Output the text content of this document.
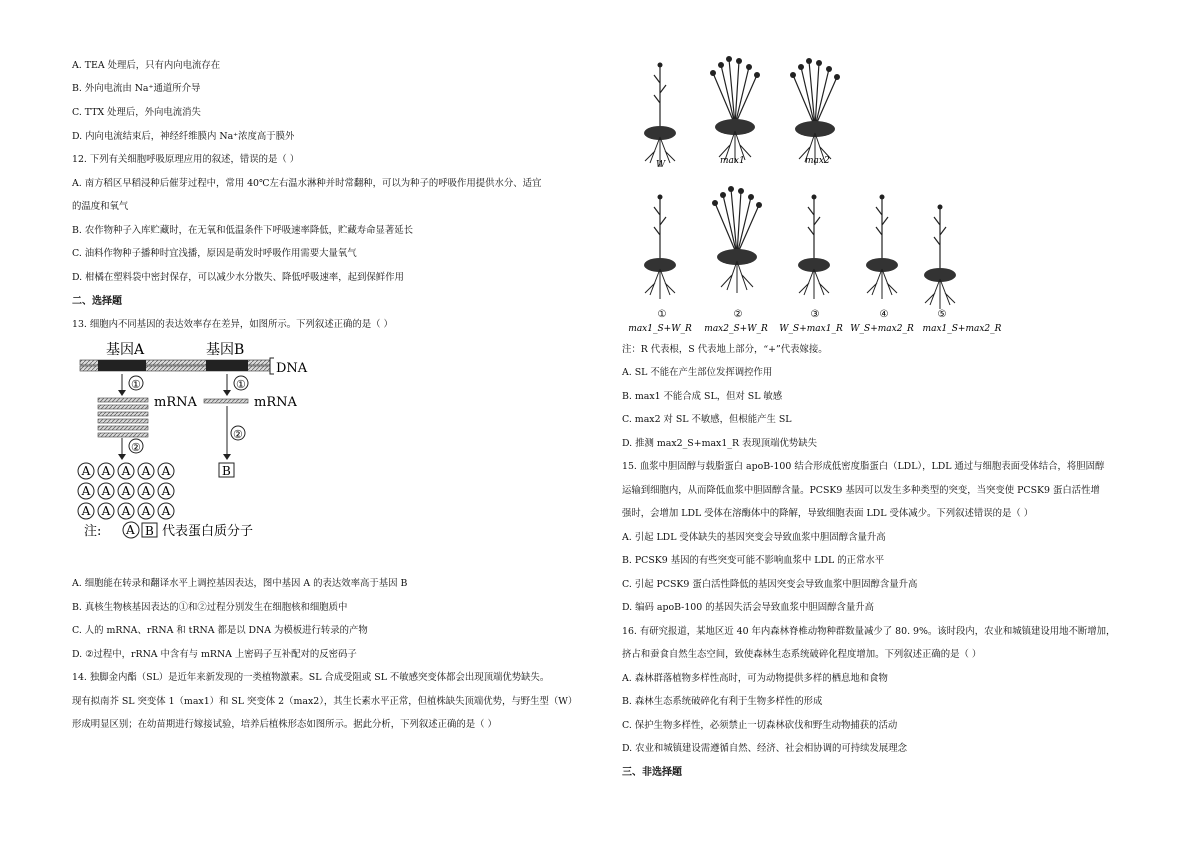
A. TEA 处理后，只有内向电流存在
B. 外向电流由 Na⁺通道所介导
C. TTX 处理后，外向电流消失
D. 内向电流结束后，神经纤维膜内 Na⁺浓度高于膜外
12. 下列有关细胞呼吸原理应用的叙述，错误的是（ ）
A. 南方稻区早稻浸种后催芽过程中，常用 40℃左右温水淋种并时常翻种，可以为种子的呼吸作用提供水分、适宜
的温度和氧气
B. 农作物种子入库贮藏时，在无氧和低温条件下呼吸速率降低，贮藏寿命显著延长
C. 油料作物种子播种时宜浅播，原因是萌发时呼吸作用需要大量氧气
D. 柑橘在塑料袋中密封保存，可以减少水分散失、降低呼吸速率，起到保鲜作用
二、选择题
13. 细胞内不同基因的表达效率存在差异，如图所示。下列叙述正确的是（ ）
基因A	基因B
DNA
①	①
mRNA	mRNA
②
②
A A A A A
A A A A A
A A A A A
B
注: A B 代表蛋白质分子
A. 细胞能在转录和翻译水平上调控基因表达，图中基因 A 的表达效率高于基因 B
B. 真核生物核基因表达的①和②过程分别发生在细胞核和细胞质中
C. 人的 mRNA、rRNA 和 tRNA 都是以 DNA 为模板进行转录的产物
D. ②过程中，rRNA 中含有与 mRNA 上密码子互补配对的反密码子
14. 独脚金内酯（SL）是近年来新发现的一类植物激素。SL 合成受阻或 SL 不敏感突变体都会出现顶端优势缺失。
现有拟南芥 SL 突变体 1（max1）和 SL 突变体 2（max2），其生长素水平正常，但植株缺失顶端优势，与野生型（W）
形成明显区别；在幼苗期进行嫁接试验，培养后植株形态如图所示。据此分析，下列叙述正确的是（ ）
W	max1	max2
①	②	③	④	⑤
max1_S+W_R max2_S+W_R W_S+max1_R W_S+max2_R max1_S+max2_R
注：R 代表根，S 代表地上部分，“+”代表嫁接。
A. SL 不能在产生部位发挥调控作用
B. max1 不能合成 SL，但对 SL 敏感
C. max2 对 SL 不敏感，但根能产生 SL
D. 推测 max2_S+max1_R 表现顶端优势缺失
15. 血浆中胆固醇与载脂蛋白 apoB-100 结合形成低密度脂蛋白（LDL），LDL 通过与细胞表面受体结合，将胆固醇
运输到细胞内，从而降低血浆中胆固醇含量。PCSK9 基因可以发生多种类型的突变，当突变使 PCSK9 蛋白活性增
强时，会增加 LDL 受体在溶酶体中的降解，导致细胞表面 LDL 受体减少。下列叙述错误的是（ ）
A. 引起 LDL 受体缺失的基因突变会导致血浆中胆固醇含量升高
B. PCSK9 基因的有些突变可能不影响血浆中 LDL 的正常水平
C. 引起 PCSK9 蛋白活性降低的基因突变会导致血浆中胆固醇含量升高
D. 编码 apoB-100 的基因失活会导致血浆中胆固醇含量升高
16. 有研究报道，某地区近 40 年内森林脊椎动物种群数量减少了 80. 9%。该时段内，农业和城镇建设用地不断增加，
挤占和蚕食自然生态空间，致使森林生态系统破碎化程度增加。下列叙述正确的是（ ）
A. 森林群落植物多样性高时，可为动物提供多样的栖息地和食物
B. 森林生态系统破碎化有利于生物多样性的形成
C. 保护生物多样性，必须禁止一切森林砍伐和野生动物捕获的活动
D. 农业和城镇建设需遵循自然、经济、社会相协调的可持续发展理念
三、非选择题
